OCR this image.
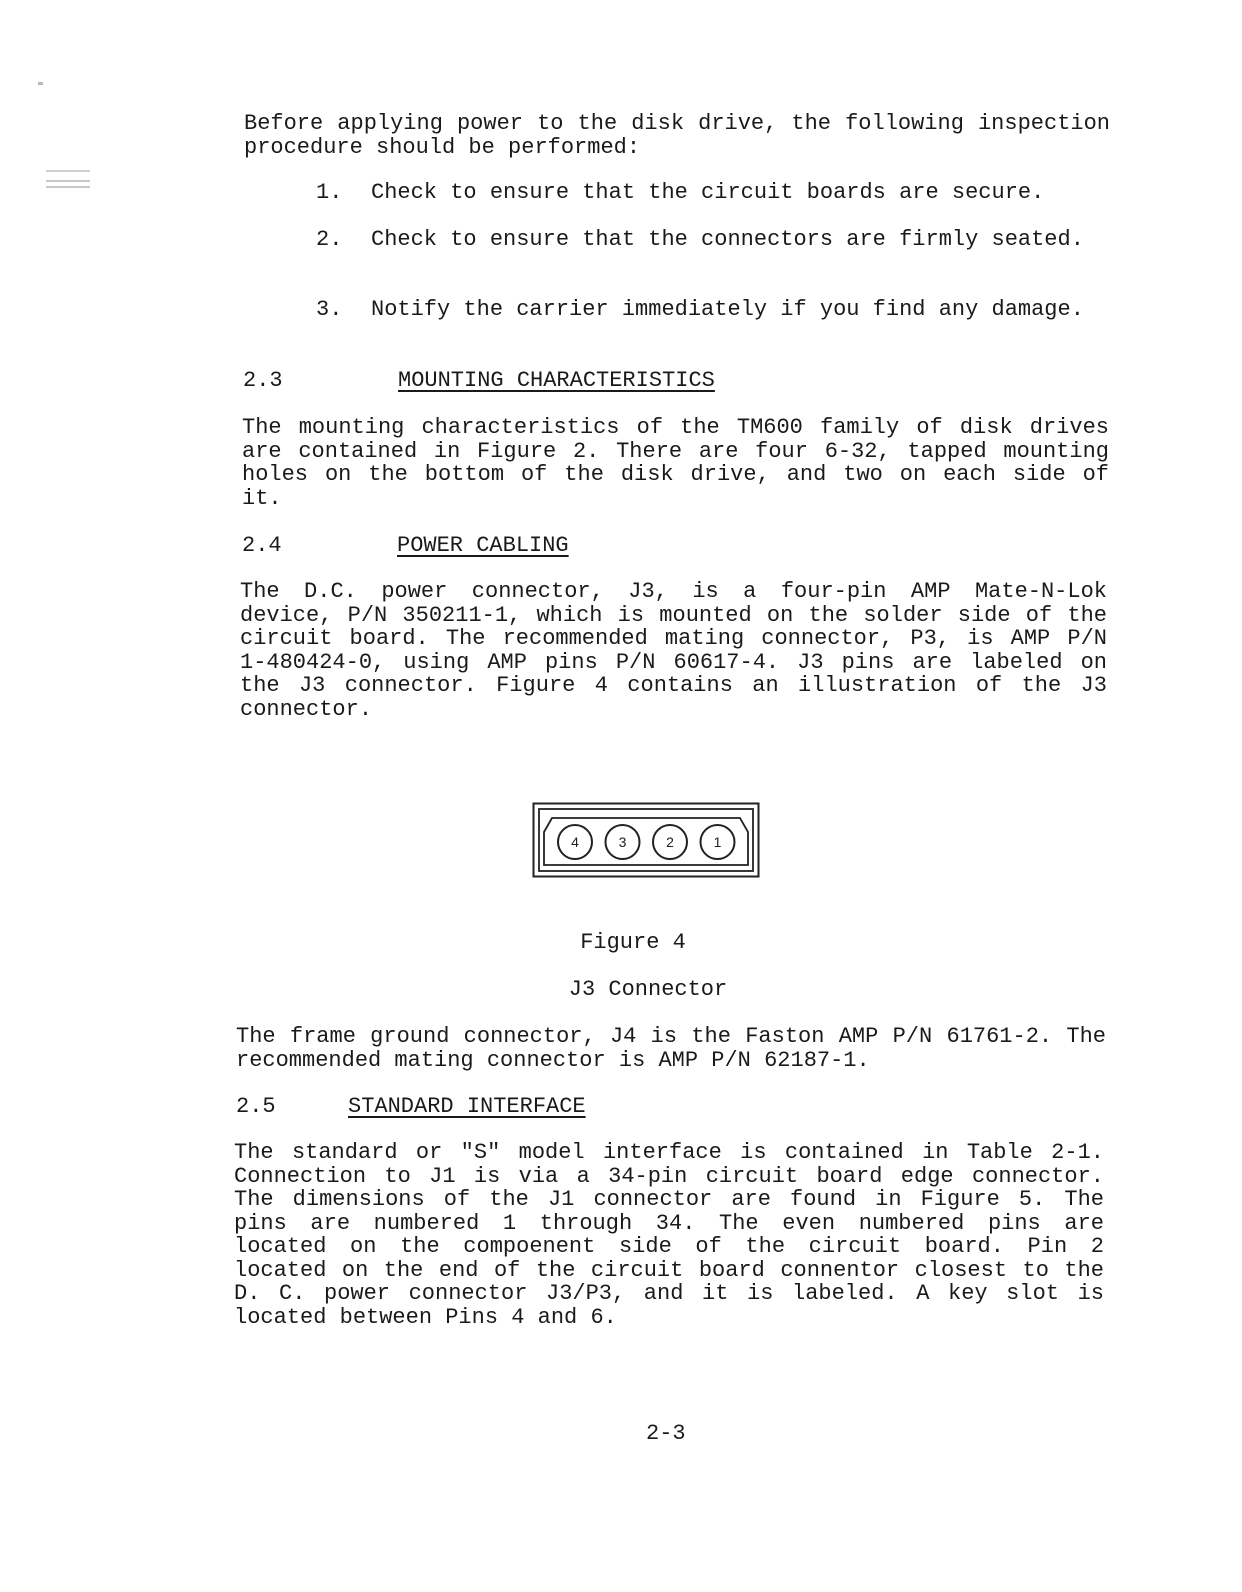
Before applying power to the disk drive, the following inspection procedure should be performed:

1. Check to ensure that the circuit boards are secure.
2. Check to ensure that the connectors are firmly seated.
3. Notify the carrier immediately if you find any damage.
2.3	MOUNTING CHARACTERISTICS

The mounting characteristics of the TM600 family of disk drives are contained in Figure 2. There are four 6-32, tapped mounting holes on the bottom of the disk drive, and two on each side of it.

2.4	POWER CABLING

The D.C. power connector, J3, is a four-pin AMP Mate-N-Lok device, P/N 350211-1, which is mounted on the solder side of the circuit board. The recommended mating connector, P3, is AMP P/N 1-480424-0, using AMP pins P/N 60617-4. J3 pins are labeled on the J3 connector. Figure 4 contains an illustration of the J3 connector.

4	3	2	1

Figure 4

J3 Connector

The frame ground connector, J4 is the Faston AMP P/N 61761-2. The recommended mating connector is AMP P/N 62187-1.

2.5	STANDARD INTERFACE

The standard or "S" model interface is contained in Table 2-1. Connection to J1 is via a 34-pin circuit board edge connector. The dimensions of the J1 connector are found in Figure 5. The pins are numbered 1 through 34. The even numbered pins are located on the compoenent side of the circuit board. Pin 2 located on the end of the circuit board connentor closest to the D. C. power connector J3/P3, and it is labeled. A key slot is located between Pins 4 and 6.

2-3
